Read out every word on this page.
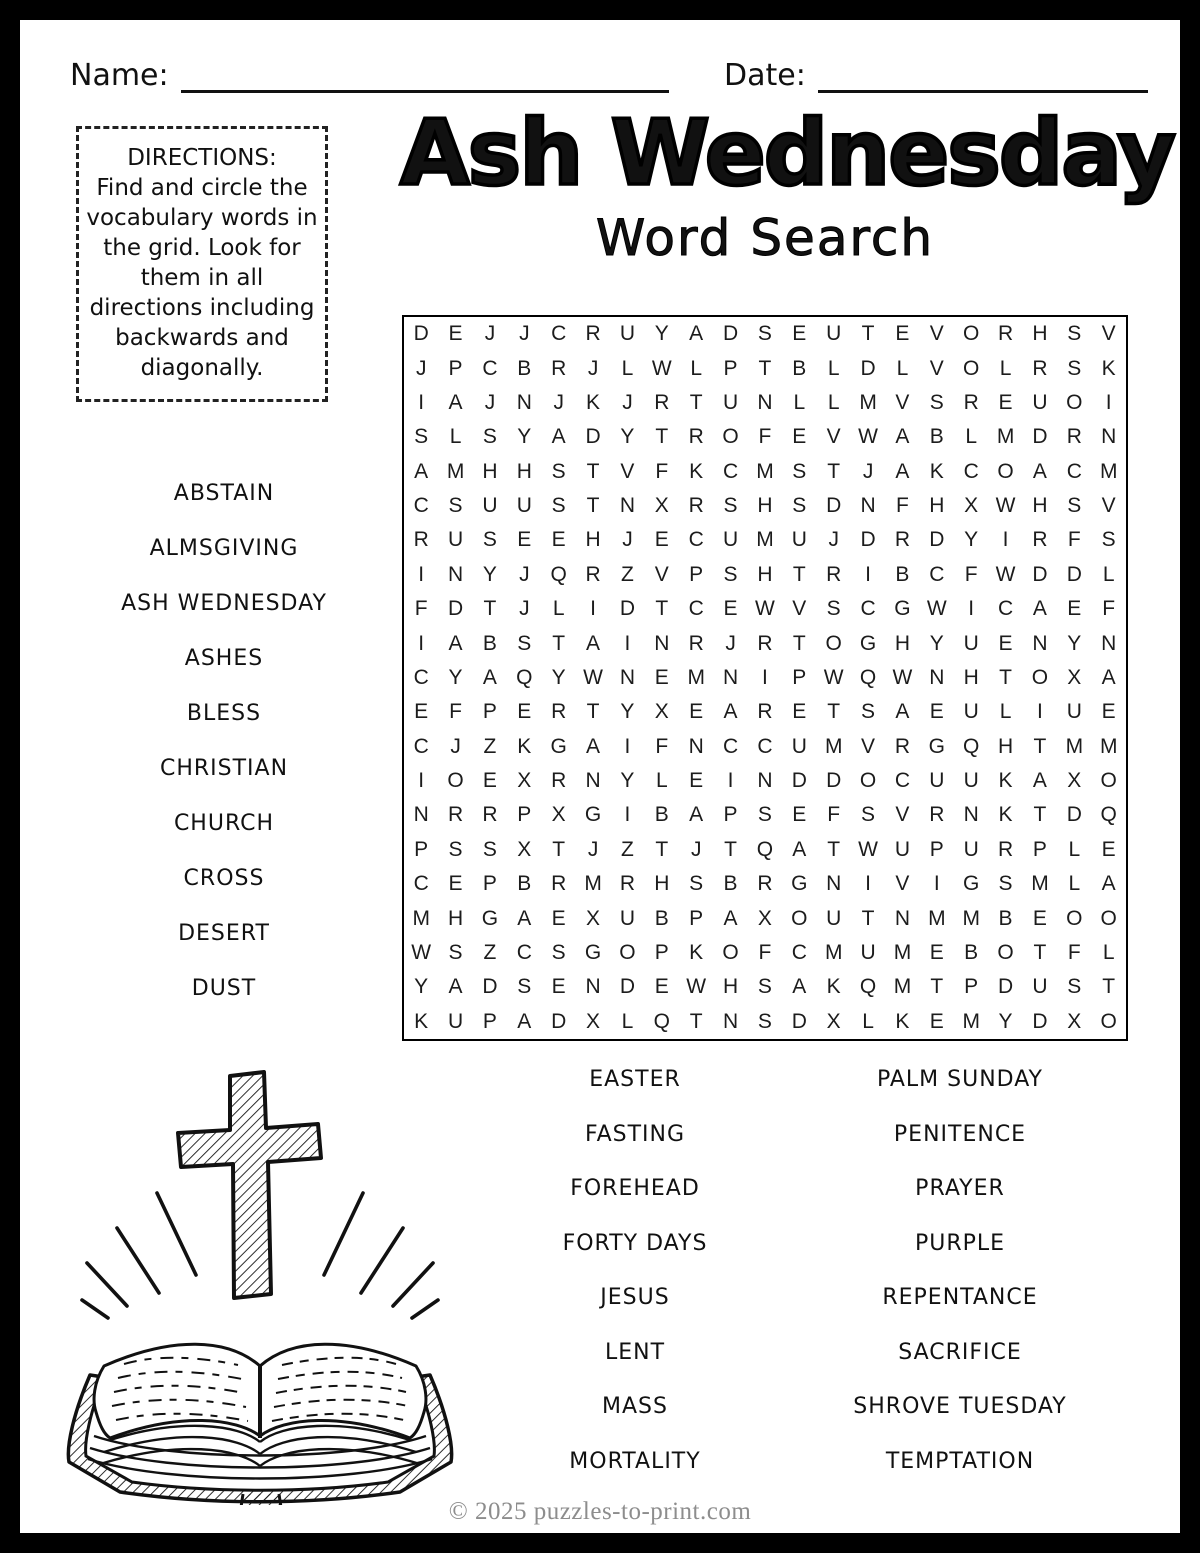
Name:	Date:
DIRECTIONS:
Find and circle the vocabulary words in the grid. Look for them in all directions including backwards and diagonally.
Ash Wednesday
Word Search
D E	J	J	C R U Y A D S E U T E V O R H S V
J	P C B R	J	L W L	P T B	L D L	V O L R S K
I	A	J	N	J	K	J	R T U N L	L M V S R E U O	I
S	L	S Y A D Y T R O F E V W A B	L M D R N
A M H H S T V F K C M S T	J	A K C O A C M
C S U U S T N X R S H S D N F H X W H S V
R U S E E H	J	E C U M U	J	D R D Y	I	R F S
I	N Y	J Q R Z V P S H T R	I	B C F W D D L
F D T	J	L	I	D T C E W V S C G W	I	C A E F
I	A B S T A	I	N R	J	R T O G H Y U E N Y N
C Y A Q Y W N E M N	I	P W Q W N H T O X A
E F P E R T Y X E A R E T S A E U L	I	U E
C	J	Z K G A	I	F N C C U M V R G Q H T M M
I	O E X R N Y	L	E	I	N D D O C U U K A X O
N R R P X G	I	B A P S E F S V R N K T D Q
P S S X T	J	Z	T	J	T Q A T W U P U R P	L	E
C E P B R M R H S B R G N	I	V	I	G S M L	A
M H G A E X U B P A X O U T N M M B E O O
W S Z C S G O P K O F C M U M E B O T	F	L
Y A D S E N D E W H S A K Q M T P D U S T
K U P A D X	L Q T N S D X	L	K E M Y D X O
ABSTAIN
ALMSGIVING
ASH WEDNESDAY
ASHES
BLESS
CHRISTIAN
CHURCH
CROSS
DESERT
DUST
EASTER
FASTING
FOREHEAD
FORTY DAYS
JESUS
LENT
MASS
MORTALITY
PALM SUNDAY
PENITENCE
PRAYER
PURPLE
REPENTANCE
SACRIFICE
SHROVE TUESDAY
TEMPTATION
© 2025 puzzles-to-print.com
